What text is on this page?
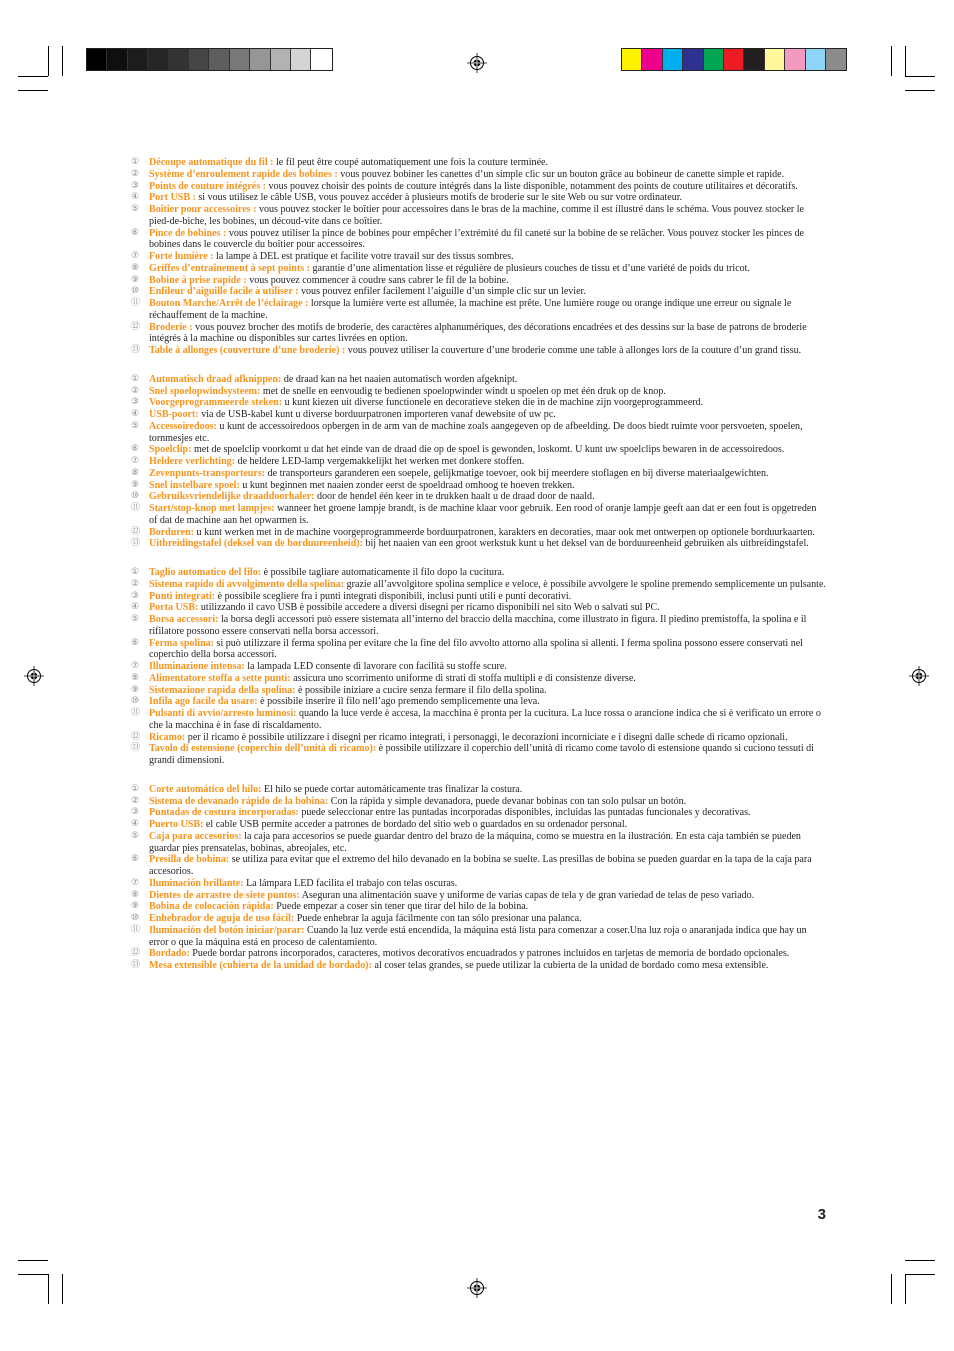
① Découpe automatique du fil : le fil peut être coupé automatiquement une fois la couture terminée.
② Système d’enroulement rapide des bobines : vous pouvez bobiner les canettes d’un simple clic sur un bouton grâce au bobineur de canette simple et rapide.
③ Points de couture intégrés : vous pouvez choisir des points de couture intégrés dans la liste disponible, notamment des points de couture utilitaires et décoratifs.
④ Port USB : si vous utilisez le câble USB, vous pouvez accéder à plusieurs motifs de broderie sur le site Web ou sur votre ordinateur.
⑤ Boîtier pour accessoires : vous pouvez stocker le boîtier pour accessoires dans le bras de la machine, comme il est illustré dans le schéma. Vous pouvez stocker le pied-de-biche, les bobines, un découd-vite dans ce boîtier.
⑥ Pince de bobines : vous pouvez utiliser la pince de bobines pour empêcher l’extrémité du fil caneté sur la bobine de se relâcher. Vous pouvez stocker les pinces de bobines dans le couvercle du boîtier pour accessoires.
⑦ Forte lumière : la lampe à DEL est pratique et facilite votre travail sur des tissus sombres.
⑧ Griffes d’entraînement à sept points : garantie d’une alimentation lisse et régulière de plusieurs couches de tissu et d’une variété de poids du tricot.
⑨ Bobine à prise rapide : vous pouvez commencer à coudre sans cabrer le fil de la bobine.
⑩ Enfileur d’aiguille facile à utiliser : vous pouvez enfiler facilement l’aiguille d’un simple clic sur un levier.
⑪ Bouton Marche/Arrêt de l’éclairage : lorsque la lumière verte est allumée, la machine est prête. Une lumière rouge ou orange indique une erreur ou signale le réchauffement de la machine.
⑫ Broderie : vous pouvez brocher des motifs de broderie, des caractères alphanumériques, des décorations encadrées et des dessins sur la base de patrons de broderie intégrés à la machine ou disponibles sur cartes livrées en option.
⑬ Table à allonges (couverture d’une broderie) : vous pouvez utiliser la couverture d’une broderie comme une table à allonges lors de la couture d’un grand tissu.
① Automatisch draad afknippen: de draad kan na het naaien automatisch worden afgeknipt.
② Snel spoelopwindsysteem: met de snelle en eenvoudig te bedienen spoelopwinder windt u spoelen op met één druk op de knop.
③ Voorgeprogrammeerde steken: u kunt kiezen uit diverse functionele en decoratieve steken die in de machine zijn voorgeprogrammeerd.
④ USB-poort: via de USB-kabel kunt u diverse borduurpatronen importeren vanaf dewebsite of uw pc.
⑤ Accessoiredoos: u kunt de accessoiredoos opbergen in de arm van de machine zoals aangegeven op de afbeelding. De doos biedt ruimte voor persvoeten, spoelen, tornmesjes etc.
⑥ Spoelclip: met de spoelclip voorkomt u dat het einde van de draad die op de spoel is gewonden, loskomt. U kunt uw spoelclips bewaren in de accessoiredoos.
⑦ Heldere verlichting: de heldere LED-lamp vergemakkelijkt het werken met donkere stoffen.
⑧ Zevenpunts-transporteurs: de transporteurs garanderen een soepele, gelijkmatige toevoer, ook bij meerdere stoflagen en bij diverse materiaalgewichten.
⑨ Snel instelbare spoel: u kunt beginnen met naaien zonder eerst de spoeldraad omhoog te hoeven trekken.
⑩ Gebruiksvriendelijke draaddoorhaler: door de hendel één keer in te drukken haalt u de draad door de naald.
⑪ Start/stop-knop met lampjes: wanneer het groene lampje brandt, is de machine klaar voor gebruik. Een rood of oranje lampje geeft aan dat er een fout is opgetreden of dat de machine aan het opwarmen is.
⑫ Borduren: u kunt werken met in de machine voorgeprogrammeerde borduurpatronen, karakters en decoraties, maar ook met ontwerpen op optionele borduurkaarten.
⑬ Uitbreidingstafel (deksel van de borduureenheid): bij het naaien van een groot werkstuk kunt u het deksel van de borduureenheid gebruiken als uitbreidingstafel.
① Taglio automatico del filo: è possibile tagliare automaticamente il filo dopo la cucitura.
② Sistema rapido di avvolgimento della spolina: grazie all’avvolgitore spolina semplice e veloce, è possibile avvolgere le spoline premendo semplicemente un pulsante.
③ Punti integrati: è possibile scegliere fra i punti integrati disponibili, inclusi punti utili e punti decorativi.
④ Porta USB: utilizzando il cavo USB è possibile accedere a diversi disegni per ricamo disponibili nel sito Web o salvati sul PC.
⑤ Borsa accessori: la borsa degli accessori può essere sistemata all’interno del braccio della macchina, come illustrato in figura. Il piedino premistoffa, la spolina e il rifilatore possono essere conservati nella borsa accessori.
⑥ Ferma spolina: si può utilizzare il ferma spolina per evitare che la fine del filo avvolto attorno alla spolina si allenti. I ferma spolina possono essere conservati nel coperchio della borsa accessori.
⑦ Illuminazione intensa: la lampada LED consente di lavorare con facilità su stoffe scure.
⑧ Alimentatore stoffa a sette punti: assicura uno scorrimento uniforme di strati di stoffa multipli e di consistenze diverse.
⑨ Sistemazione rapida della spolina: è possibile iniziare a cucire senza fermare il filo della spolina.
⑩ Infila ago facile da usare: è possibile inserire il filo nell’ago premendo semplicemente una leva.
⑪ Pulsanti di avvio/arresto luminosi: quando la luce verde è accesa, la macchina è pronta per la cucitura. La luce rossa o arancione indica che si è verificato un errore o che la macchina è in fase di riscaldamento.
⑫ Ricamo: per il ricamo è possibile utilizzare i disegni per ricamo integrati, i personaggi, le decorazioni incorniciate e i disegni dalle schede di ricamo opzionali.
⑬ Tavolo di estensione (coperchio dell’unità di ricamo): è possibile utilizzare il coperchio dell’unità di ricamo come tavolo di estensione quando si cuciono tessuti di grandi dimensioni.
① Corte automático del hilo: El hilo se puede cortar automáticamente tras finalizar la costura.
② Sistema de devanado rápido de la bobina: Con la rápida y simple devanadora, puede devanar bobinas con tan solo pulsar un botón.
③ Puntadas de costura incorporadas: puede seleccionar entre las puntadas incorporadas disponibles, incluidas las puntadas funcionales y decorativas.
④ Puerto USB: el cable USB permite acceder a patrones de bordado del sitio web o guardados en su ordenador personal.
⑤ Caja para accesorios: la caja para accesorios se puede guardar dentro del brazo de la máquina, como se muestra en la ilustración. En esta caja también se pueden guardar pies prensatelas, bobinas, abreojales, etc.
⑥ Presilla de bobina: se utiliza para evitar que el extremo del hilo devanado en la bobina se suelte. Las presillas de bobina se pueden guardar en la tapa de la caja para accesorios.
⑦ Iluminación brillante: La lámpara LED facilita el trabajo con telas oscuras.
⑧ Dientes de arrastre de siete puntos: Aseguran una alimentación suave y uniforme de varias capas de tela y de gran variedad de telas de peso variado.
⑨ Bobina de colocación rápida: Puede empezar a coser sin tener que tirar del hilo de la bobina.
⑩ Enhebrador de aguja de uso fácil: Puede enhebrar la aguja fácilmente con tan sólo presionar una palanca.
⑪ Iluminación del botón iniciar/parar: Cuando la luz verde está encendida, la máquina está lista para comenzar a coser.Una luz roja o anaranjada indica que hay un error o que la máquina está en proceso de calentamiento.
⑫ Bordado: Puede bordar patrons incorporados, caracteres, motivos decorativos encuadrados y patrones incluidos en tarjetas de memoria de bordado opcionales.
⑬ Mesa extensible (cubierta de la unidad de bordado): al coser telas grandes, se puede utilizar la cubierta de la unidad de bordado como mesa extensible.
3
